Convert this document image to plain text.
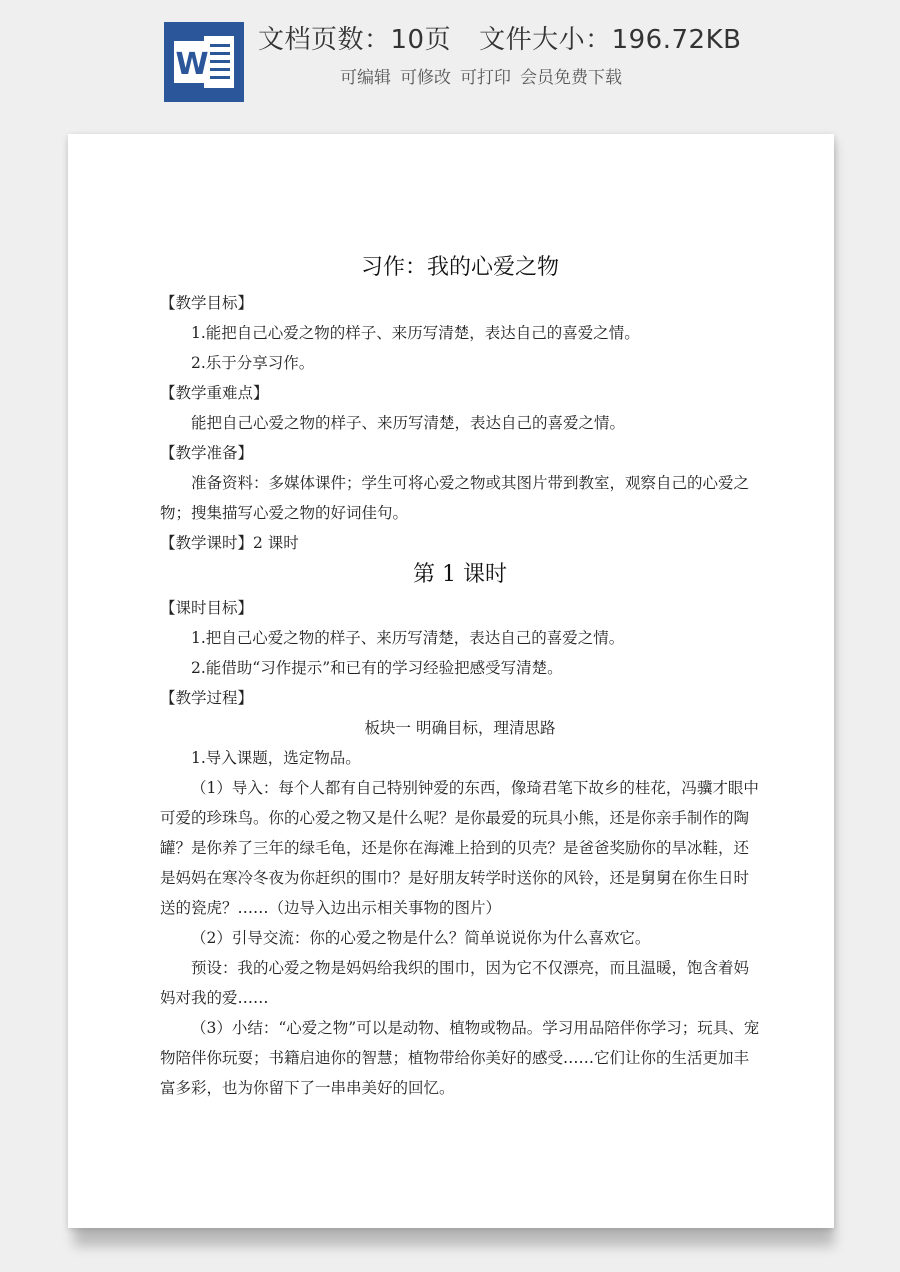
W
文档页数：10页 文件大小：196.72KB
可编辑 可修改 可打印 会员免费下载

习作：我的心爱之物

【教学目标】

1.能把自己心爱之物的样子、来历写清楚，表达自己的喜爱之情。

2.乐于分享习作。

【教学重难点】

能把自己心爱之物的样子、来历写清楚，表达自己的喜爱之情。

【教学准备】

准备资料：多媒体课件；学生可将心爱之物或其图片带到教室，观察自己的心爱之物；搜集描写心爱之物的好词佳句。

【教学课时】2 课时

第 1 课时

【课时目标】

1.把自己心爱之物的样子、来历写清楚，表达自己的喜爱之情。

2.能借助“习作提示”和已有的学习经验把感受写清楚。

【教学过程】

板块一 明确目标，理清思路

1.导入课题，选定物品。

（1）导入：每个人都有自己特别钟爱的东西，像琦君笔下故乡的桂花，冯骥才眼中可爱的珍珠鸟。你的心爱之物又是什么呢？是你最爱的玩具小熊，还是你亲手制作的陶罐？是你养了三年的绿毛龟，还是你在海滩上拾到的贝壳？是爸爸奖励你的旱冰鞋，还是妈妈在寒冷冬夜为你赶织的围巾？是好朋友转学时送你的风铃，还是舅舅在你生日时送的瓷虎？……（边导入边出示相关事物的图片）

（2）引导交流：你的心爱之物是什么？简单说说你为什么喜欢它。

预设：我的心爱之物是妈妈给我织的围巾，因为它不仅漂亮，而且温暖，饱含着妈妈对我的爱……

（3）小结：“心爱之物”可以是动物、植物或物品。学习用品陪伴你学习；玩具、宠物陪伴你玩耍；书籍启迪你的智慧；植物带给你美好的感受……它们让你的生活更加丰富多彩，也为你留下了一串串美好的回忆。
